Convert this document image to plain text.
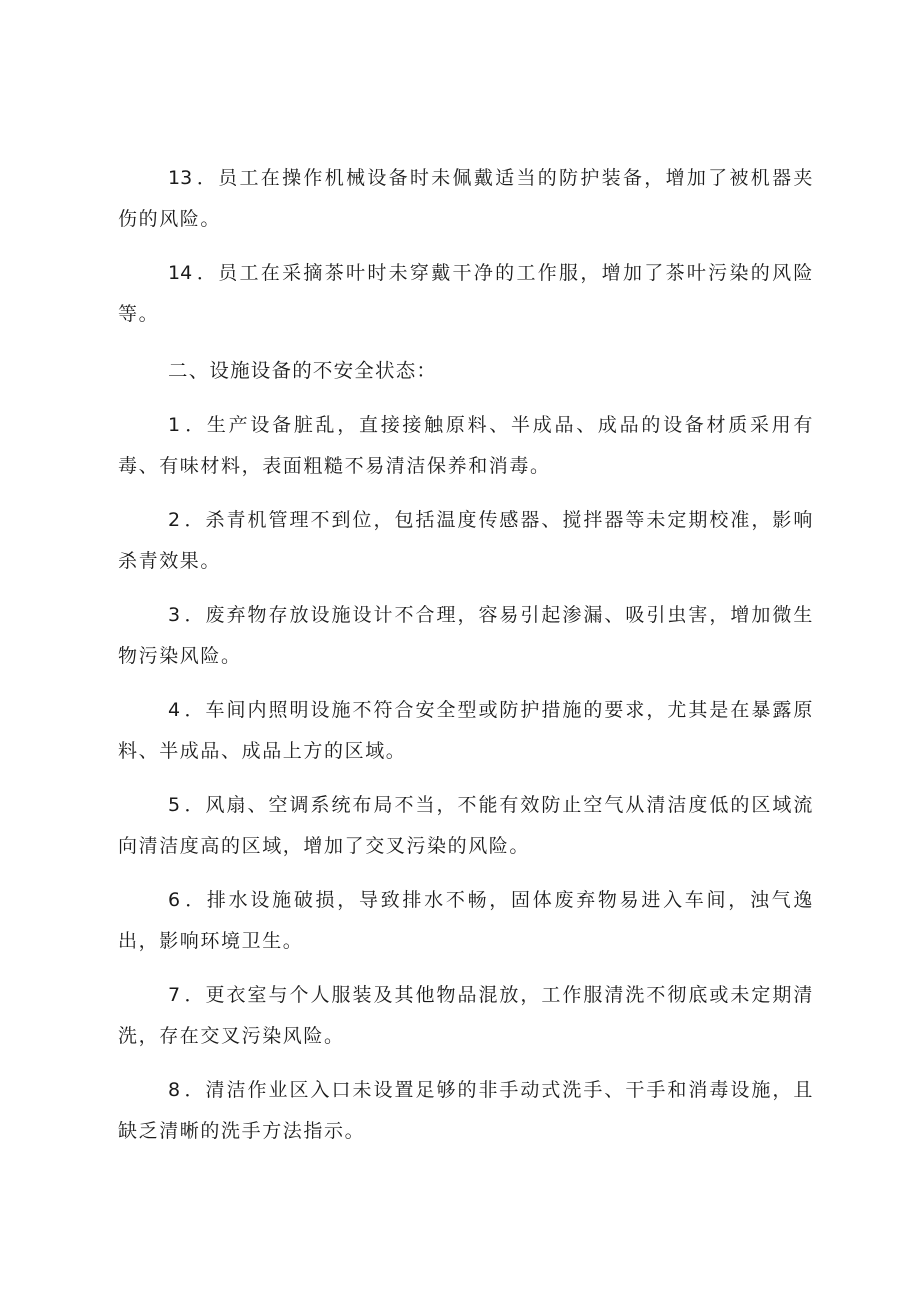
13 ．员工在操作机械设备时未佩戴适当的防护装备，增加了被机器夹伤的风险。

14 ．员工在采摘茶叶时未穿戴干净的工作服，增加了茶叶污染的风险等。

二、设施设备的不安全状态：

1 ．生产设备脏乱，直接接触原料、半成品、成品的设备材质采用有毒、有味材料，表面粗糙不易清洁保养和消毒。

2 ．杀青机管理不到位，包括温度传感器、搅拌器等未定期校准，影响杀青效果。

3 ．废弃物存放设施设计不合理，容易引起渗漏、吸引虫害，增加微生物污染风险。

4 ．车间内照明设施不符合安全型或防护措施的要求，尤其是在暴露原料、半成品、成品上方的区域。

5 ．风扇、空调系统布局不当，不能有效防止空气从清洁度低的区域流向清洁度高的区域，增加了交叉污染的风险。

6 ．排水设施破损，导致排水不畅，固体废弃物易进入车间，浊气逸出，影响环境卫生。

7 ．更衣室与个人服装及其他物品混放，工作服清洗不彻底或未定期清洗，存在交叉污染风险。

8 ．清洁作业区入口未设置足够的非手动式洗手、干手和消毒设施，且缺乏清晰的洗手方法指示。
